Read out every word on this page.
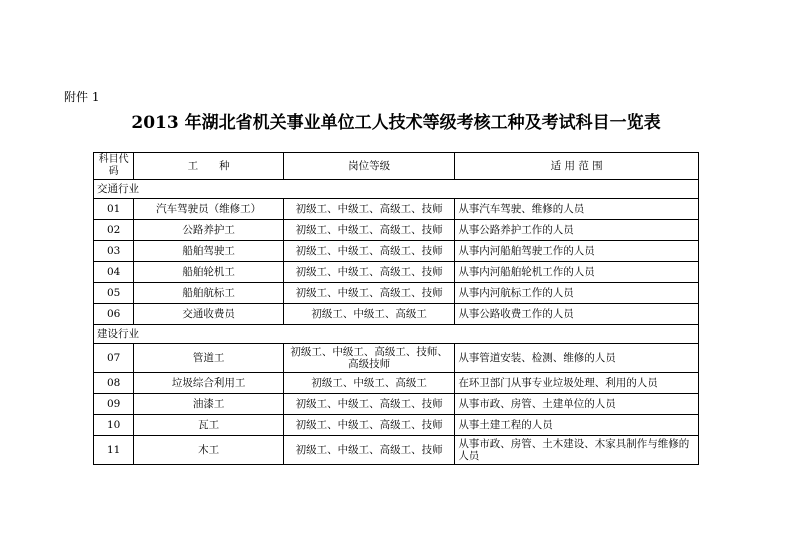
附件 1
2013 年湖北省机关事业单位工人技术等级考核工种及考试科目一览表
科目代码	工　　种	岗位等级	适 用 范 围
交通行业			
01	汽车驾驶员（维修工）	初级工、中级工、高级工、技师	从事汽车驾驶、维修的人员
02	公路养护工	初级工、中级工、高级工、技师	从事公路养护工作的人员
03	船舶驾驶工	初级工、中级工、高级工、技师	从事内河船舶驾驶工作的人员
04	船舶轮机工	初级工、中级工、高级工、技师	从事内河船舶轮机工作的人员
05	船舶航标工	初级工、中级工、高级工、技师	从事内河航标工作的人员
06	交通收费员	初级工、中级工、高级工	从事公路收费工作的人员
建设行业			
07	管道工	初级工、中级工、高级工、技师、高级技师	从事管道安装、检测、维修的人员
08	垃圾综合利用工	初级工、中级工、高级工	在环卫部门从事专业垃圾处理、利用的人员
09	油漆工	初级工、中级工、高级工、技师	从事市政、房管、土建单位的人员
10	瓦工	初级工、中级工、高级工、技师	从事土建工程的人员
11	木工	初级工、中级工、高级工、技师	从事市政、房管、土木建设、木家具制作与维修的人员
